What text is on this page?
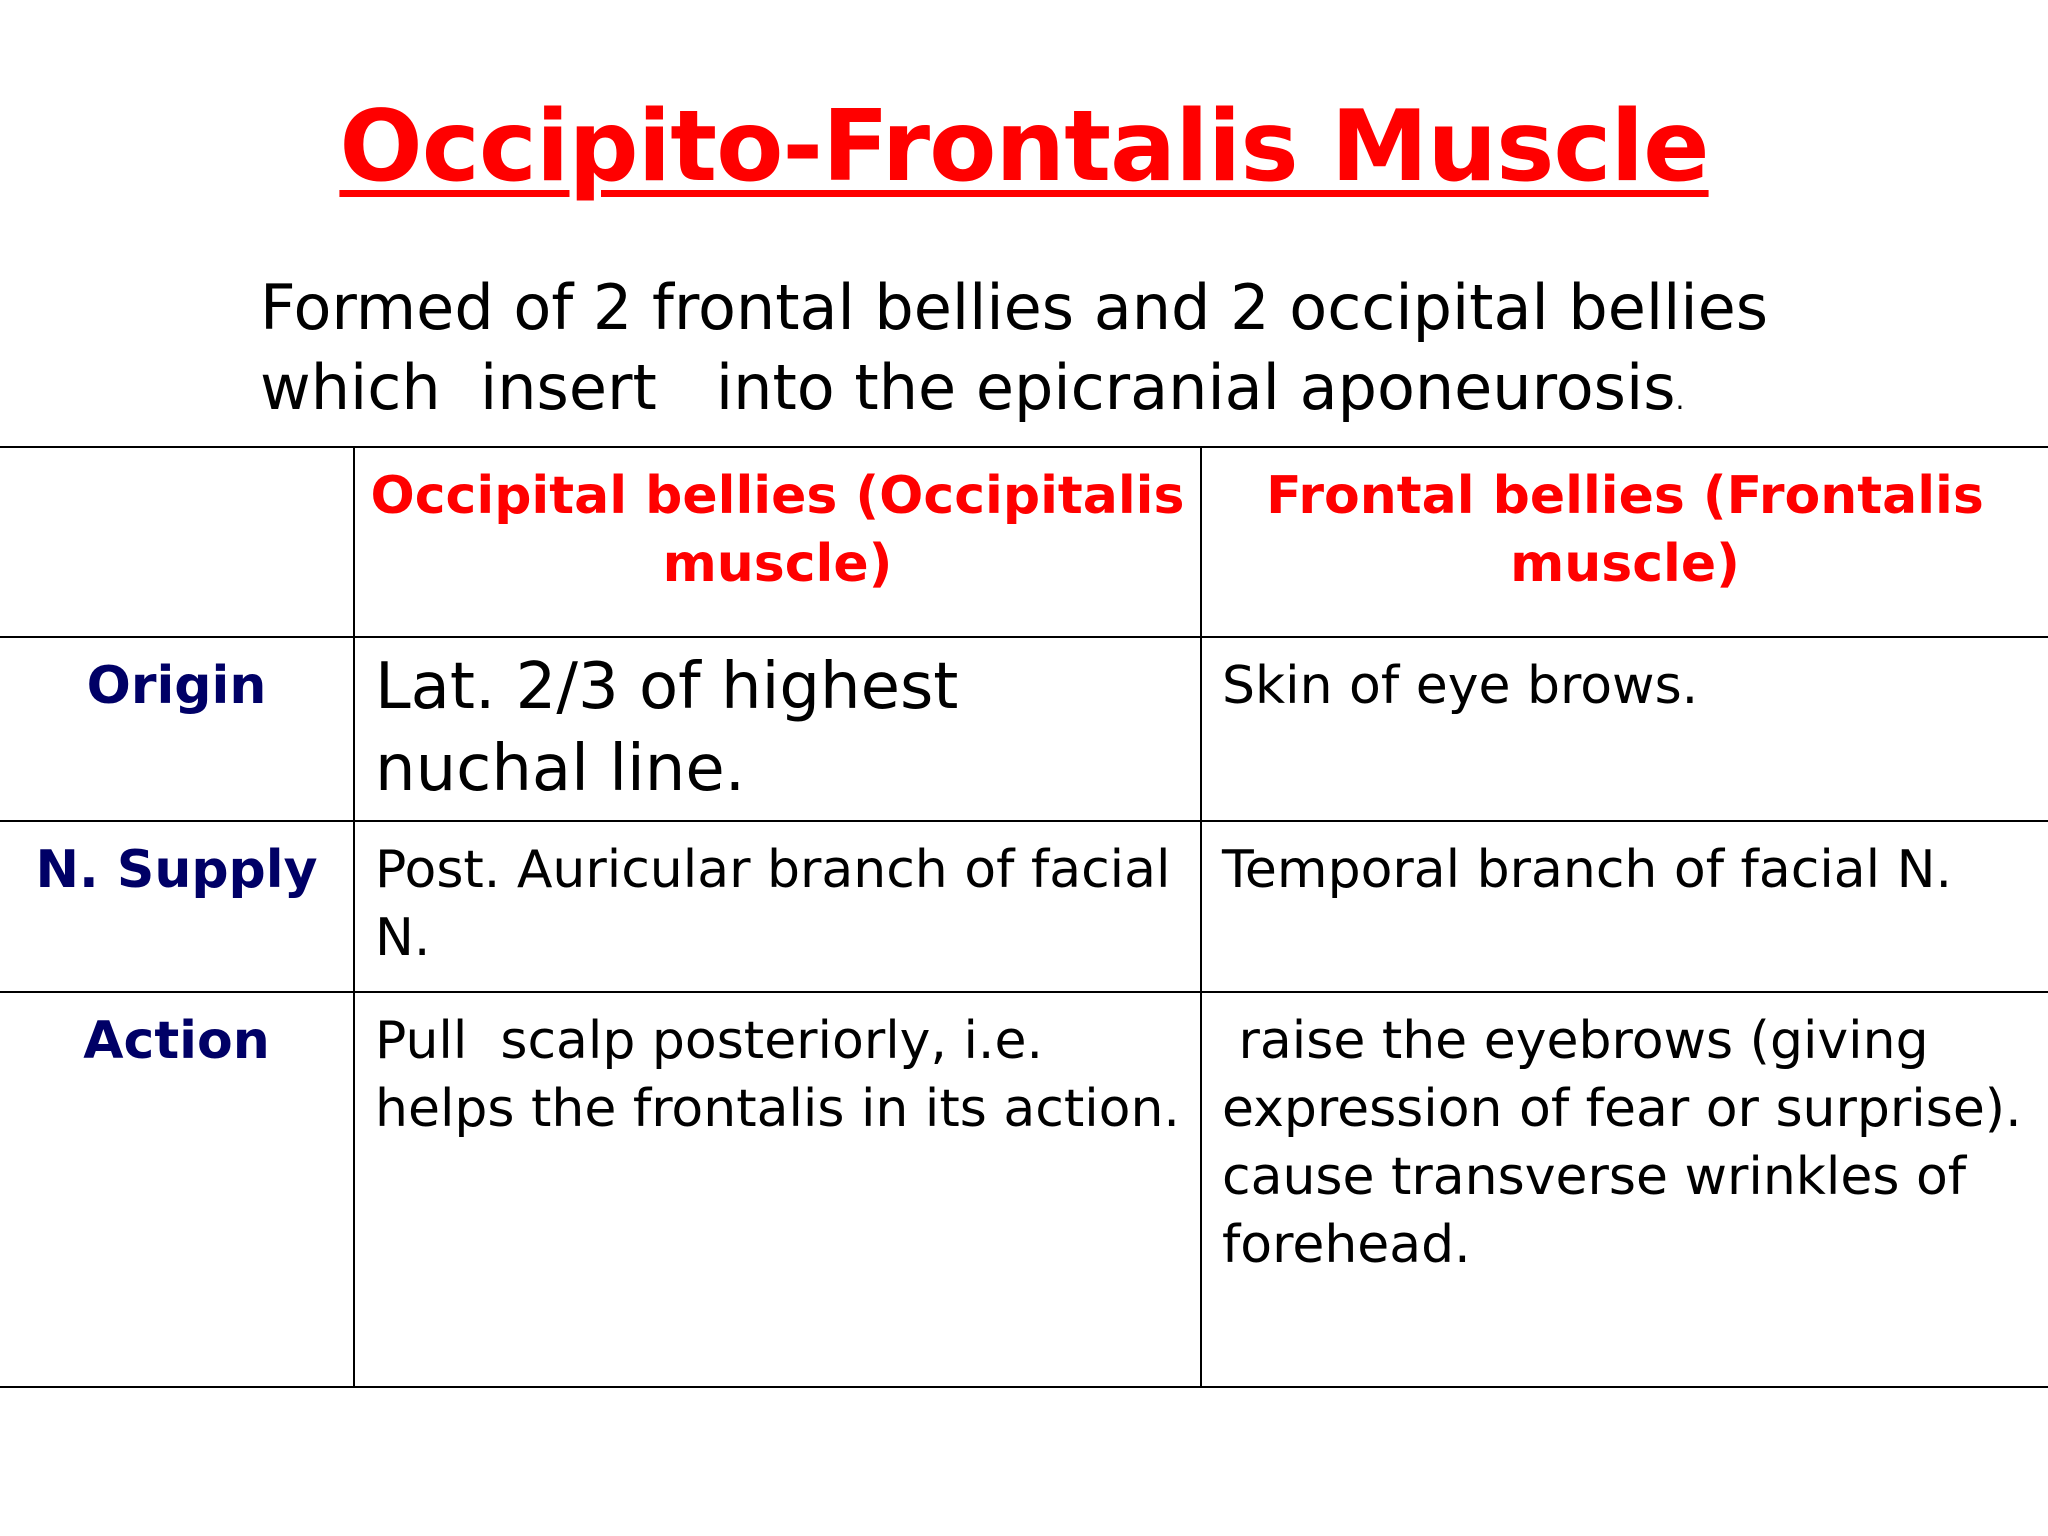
Occipito-Frontalis Muscle

Formed of 2 frontal bellies and 2 occipital bellies
which  insert   into the epicranial aponeurosis.

	Occipital bellies (Occipitalis muscle)	Frontal bellies (Frontalis muscle)
Origin	Lat. 2/3 of highest nuchal line.	Skin of eye brows.
N. Supply	Post. Auricular branch of facial N.	Temporal branch of facial N.
Action	Pull  scalp posteriorly, i.e. helps the frontalis in its action.	raise the eyebrows (giving expression of fear or surprise). cause transverse wrinkles of forehead.
